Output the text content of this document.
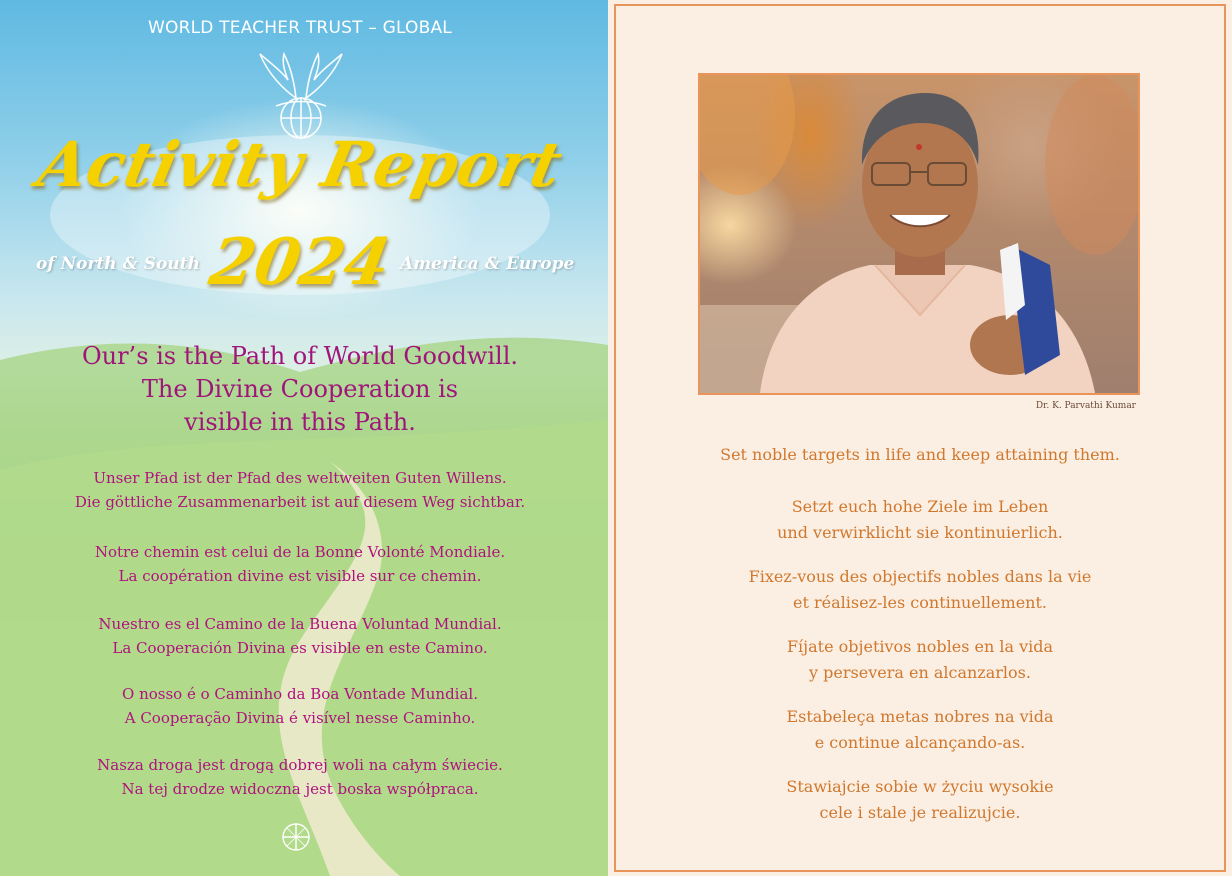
WORLD TEACHER TRUST – GLOBAL
Activity Report
of North & South 2024 America & Europe
Our’s is the Path of World Goodwill.
The Divine Cooperation is
visible in this Path.
Unser Pfad ist der Pfad des weltweiten Guten Willens.
Die göttliche Zusammenarbeit ist auf diesem Weg sichtbar.
Notre chemin est celui de la Bonne Volonté Mondiale.
La coopération divine est visible sur ce chemin.
Nuestro es el Camino de la Buena Voluntad Mundial.
La Cooperación Divina es visible en este Camino.
O nosso é o Caminho da Boa Vontade Mundial.
A Cooperação Divina é visível nesse Caminho.
Nasza droga jest drogą dobrej woli na całym świecie.
Na tej drodze widoczna jest boska współpraca.
Dr. K. Parvathi Kumar
Set noble targets in life and keep attaining them.
Setzt euch hohe Ziele im Leben
und verwirklicht sie kontinuierlich.
Fixez-vous des objectifs nobles dans la vie
et réalisez-les continuellement.
Fíjate objetivos nobles en la vida
y persevera en alcanzarlos.
Estabeleça metas nobres na vida
e continue alcançando-as.
Stawiajcie sobie w życiu wysokie
cele i stale je realizujcie.
